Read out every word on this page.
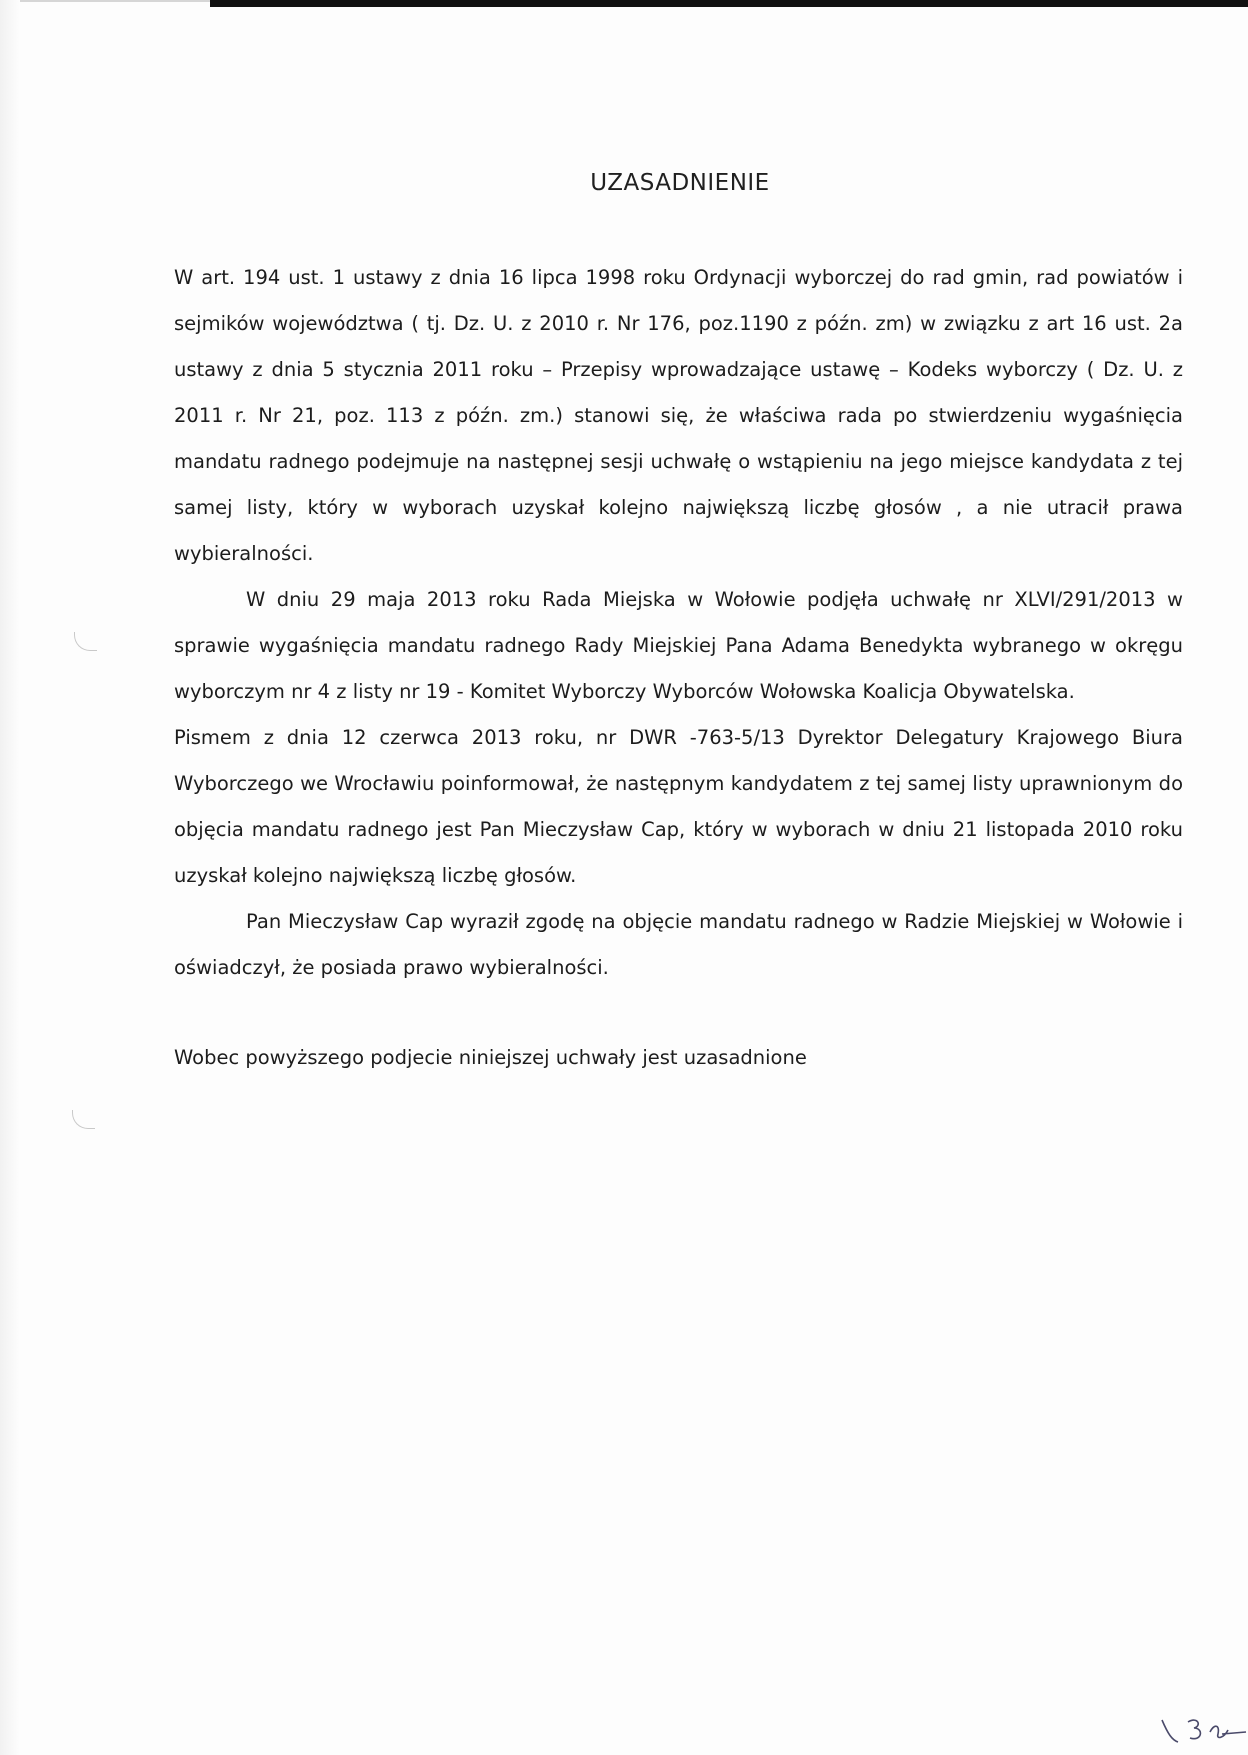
UZASADNIENIE

W art. 194 ust. 1 ustawy z dnia 16 lipca 1998 roku Ordynacji wyborczej do rad gmin, rad powiatów i sejmików województwa ( tj. Dz. U. z 2010 r. Nr 176, poz.1190 z późn. zm) w związku z art 16 ust. 2a ustawy z dnia 5 stycznia 2011 roku – Przepisy wprowadzające ustawę – Kodeks wyborczy ( Dz. U. z 2011 r. Nr 21, poz. 113 z późn. zm.) stanowi się, że właściwa rada po stwierdzeniu wygaśnięcia mandatu radnego podejmuje na następnej sesji uchwałę o wstąpieniu na jego miejsce kandydata z tej samej listy, który w wyborach uzyskał kolejno największą liczbę głosów , a nie utracił prawa wybieralności.

W dniu 29 maja 2013 roku Rada Miejska w Wołowie podjęła uchwałę nr XLVI/291/2013 w sprawie wygaśnięcia mandatu radnego Rady Miejskiej Pana Adama Benedykta wybranego w okręgu wyborczym nr 4 z listy nr 19 - Komitet Wyborczy Wyborców Wołowska Koalicja Obywatelska.

Pismem z dnia 12 czerwca 2013 roku, nr DWR -763-5/13 Dyrektor Delegatury Krajowego Biura Wyborczego we Wrocławiu poinformował, że następnym kandydatem z tej samej listy uprawnionym do objęcia mandatu radnego jest Pan Mieczysław Cap, który w wyborach w dniu 21 listopada 2010 roku uzyskał kolejno największą liczbę głosów.

Pan Mieczysław Cap wyraził zgodę na objęcie mandatu radnego w Radzie Miejskiej w Wołowie i oświadczył, że posiada prawo wybieralności.

Wobec powyższego podjecie niniejszej uchwały jest uzasadnione
